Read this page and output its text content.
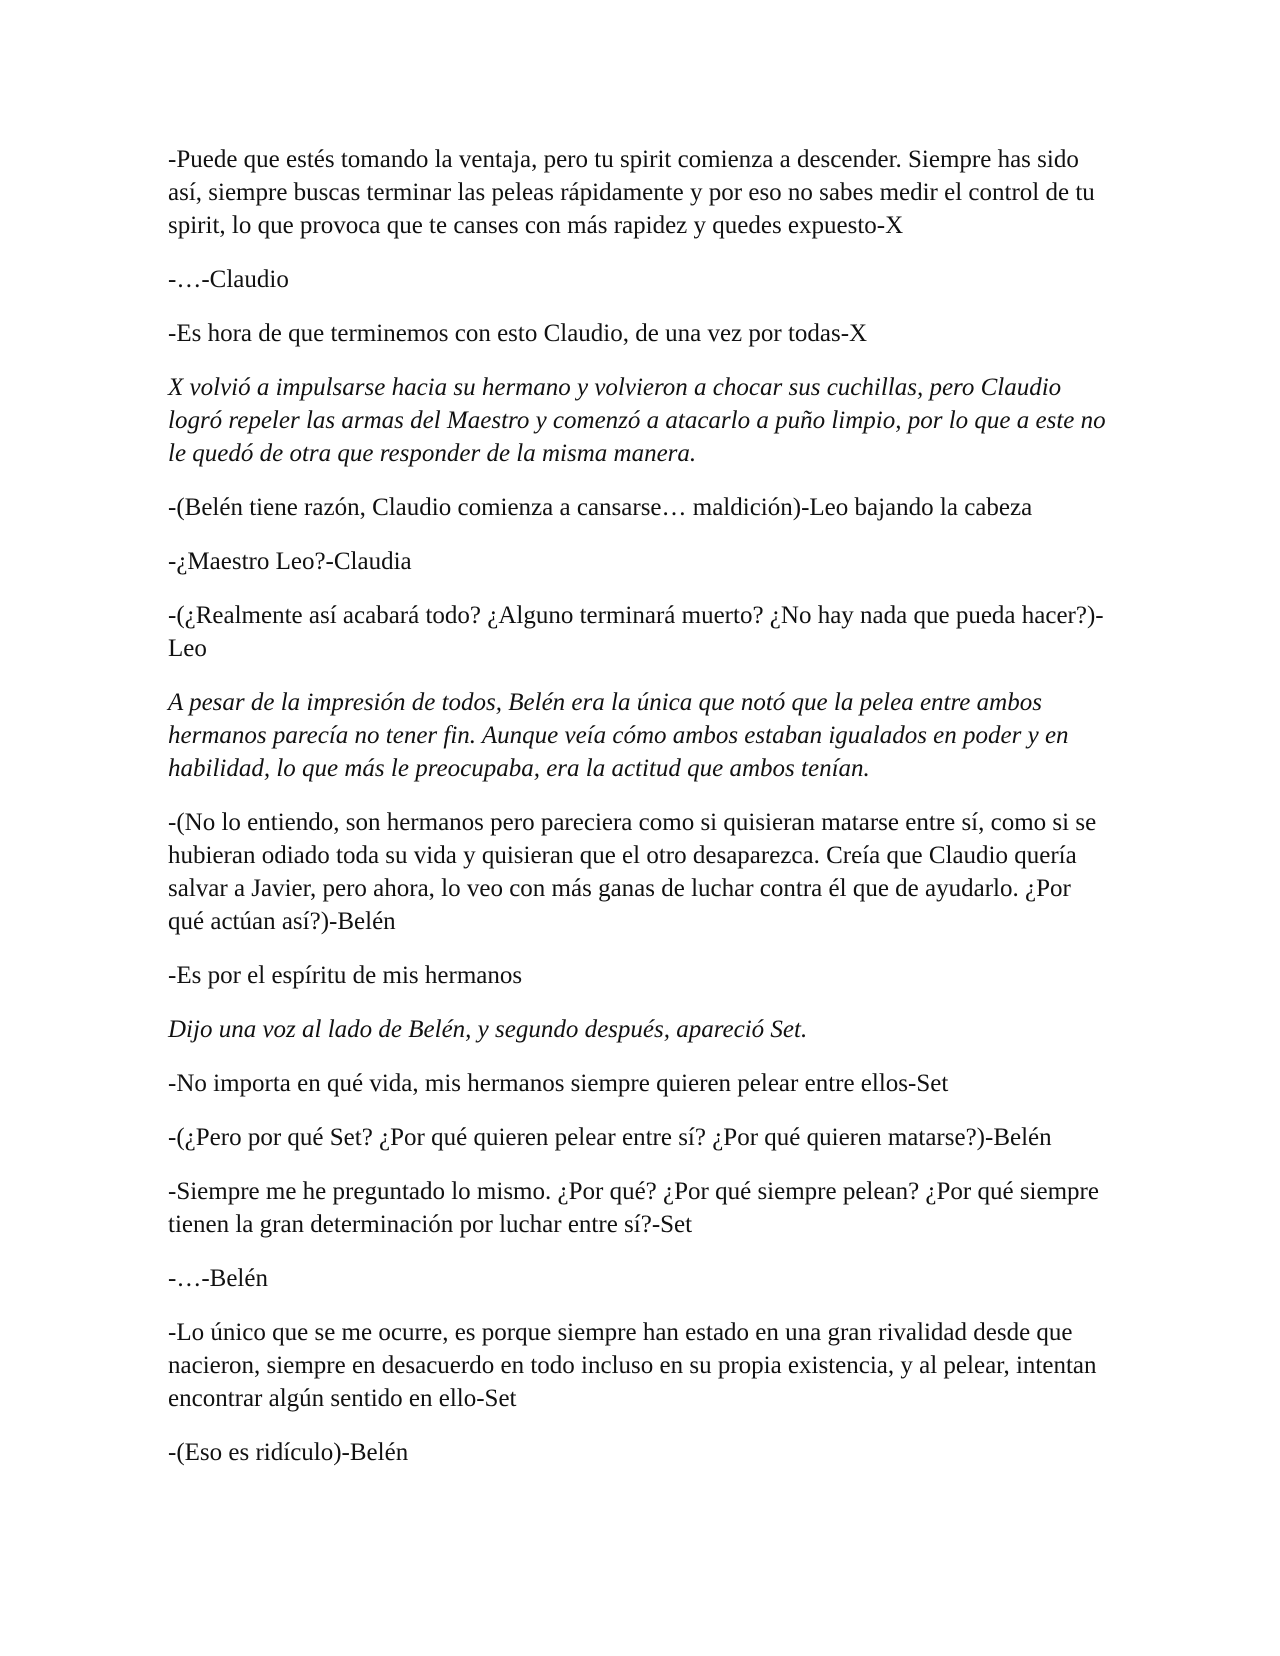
-Puede que estés tomando la ventaja, pero tu spirit comienza a descender. Siempre has sido así, siempre buscas terminar las peleas rápidamente y por eso no sabes medir el control de tu spirit, lo que provoca que te canses con más rapidez y quedes expuesto-X

-…-Claudio

-Es hora de que terminemos con esto Claudio, de una vez por todas-X

X volvió a impulsarse hacia su hermano y volvieron a chocar sus cuchillas, pero Claudio logró repeler las armas del Maestro y comenzó a atacarlo a puño limpio, por lo que a este no le quedó de otra que responder de la misma manera.

-(Belén tiene razón, Claudio comienza a cansarse… maldición)-Leo bajando la cabeza

-¿Maestro Leo?-Claudia

-(¿Realmente así acabará todo? ¿Alguno terminará muerto? ¿No hay nada que pueda hacer?)-Leo

A pesar de la impresión de todos, Belén era la única que notó que la pelea entre ambos hermanos parecía no tener fin. Aunque veía cómo ambos estaban igualados en poder y en habilidad, lo que más le preocupaba, era la actitud que ambos tenían.

-(No lo entiendo, son hermanos pero pareciera como si quisieran matarse entre sí, como si se hubieran odiado toda su vida y quisieran que el otro desaparezca. Creía que Claudio quería salvar a Javier, pero ahora, lo veo con más ganas de luchar contra él que de ayudarlo. ¿Por qué actúan así?)-Belén

-Es por el espíritu de mis hermanos

Dijo una voz al lado de Belén, y segundo después, apareció Set.

-No importa en qué vida, mis hermanos siempre quieren pelear entre ellos-Set

-(¿Pero por qué Set? ¿Por qué quieren pelear entre sí? ¿Por qué quieren matarse?)-Belén

-Siempre me he preguntado lo mismo. ¿Por qué? ¿Por qué siempre pelean? ¿Por qué siempre tienen la gran determinación por luchar entre sí?-Set

-…-Belén

-Lo único que se me ocurre, es porque siempre han estado en una gran rivalidad desde que nacieron, siempre en desacuerdo en todo incluso en su propia existencia, y al pelear, intentan encontrar algún sentido en ello-Set

-(Eso es ridículo)-Belén
